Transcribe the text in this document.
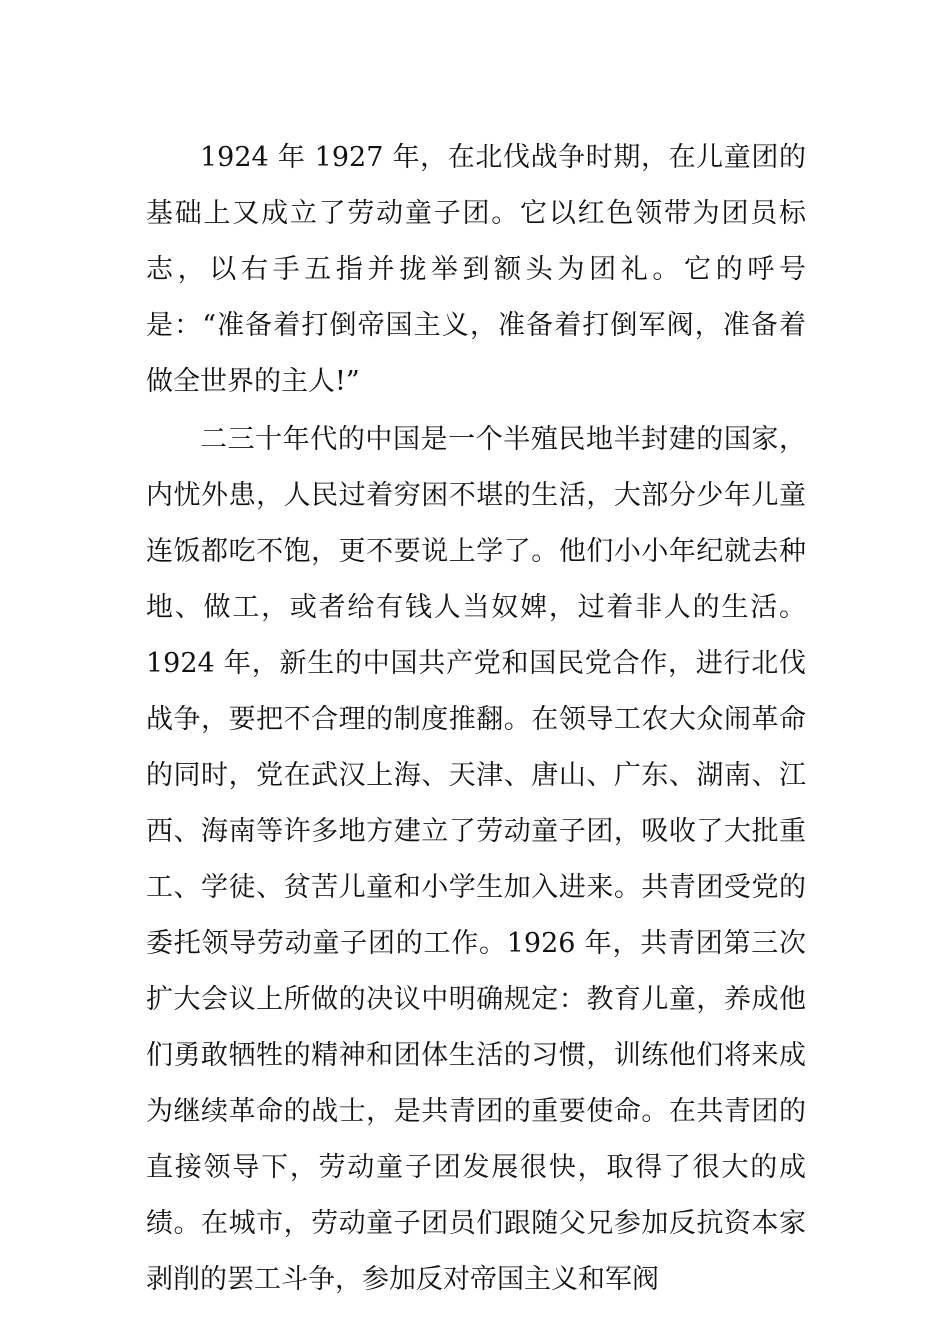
1924 年 1927 年，在北伐战争时期，在儿童团的基础上又成立了劳动童子团。它以红色领带为团员标志，以右手五指并拢举到额头为团礼。它的呼号是：“准备着打倒帝国主义，准备着打倒军阀，准备着做全世界的主人!”

二三十年代的中国是一个半殖民地半封建的国家，内忧外患，人民过着穷困不堪的生活，大部分少年儿童连饭都吃不饱，更不要说上学了。他们小小年纪就去种地、做工，或者给有钱人当奴婢，过着非人的生活。1924 年，新生的中国共产党和国民党合作，进行北伐战争，要把不合理的制度推翻。在领导工农大众闹革命的同时，党在武汉上海、天津、唐山、广东、湖南、江西、海南等许多地方建立了劳动童子团，吸收了大批重工、学徒、贫苦儿童和小学生加入进来。共青团受党的委托领导劳动童子团的工作。1926 年，共青团第三次扩大会议上所做的决议中明确规定：教育儿童，养成他们勇敢牺牲的精神和团体生活的习惯，训练他们将来成为继续革命的战士，是共青团的重要使命。在共青团的直接领导下，劳动童子团发展很快，取得了很大的成绩。在城市，劳动童子团员们跟随父兄参加反抗资本家剥削的罢工斗争，参加反对帝国主义和军阀
